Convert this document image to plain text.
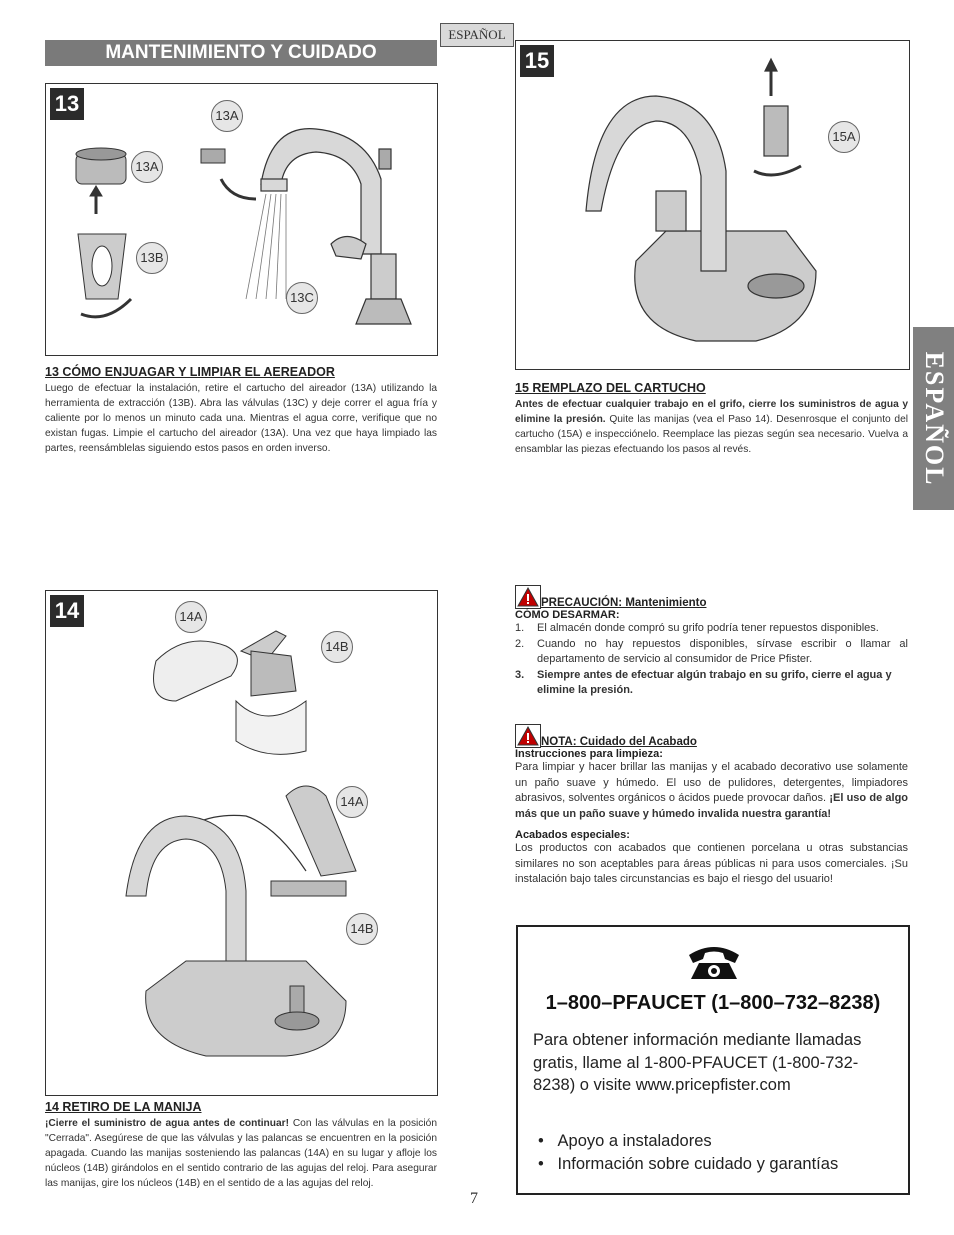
ESPAÑOL
MANTENIMIENTO Y CUIDADO
ESPAÑOL
13	13A
13A
13B
13C
13 CÓMO ENJUAGAR Y LIMPIAR EL AEREADOR
Luego de efectuar la instalación, retire el cartucho del aireador (13A) utilizando la herramienta de extracción (13B). Abra las válvulas (13C) y deje correr el agua fría y caliente por lo menos un minuto cada una. Mientras el agua corre, verifique que no existan fugas. Limpie el cartucho del aireador (13A). Una vez que haya limpiado las partes, reensámblelas siguiendo estos pasos en orden inverso.
15
15A
15 REMPLAZO DEL CARTUCHO
Antes de efectuar cualquier trabajo en el grifo, cierre los suministros de agua y elimine la presión. Quite las manijas (vea el Paso 14). Desenrosque el conjunto del cartucho (15A) e inspecciónelo. Reemplace las piezas según sea necesario. Vuelva a ensamblar las piezas efectuando los pasos al revés.
14	14A
14B
14A
14B
14 RETIRO DE LA MANIJA
¡Cierre el suministro de agua antes de continuar! Con las válvulas en la posición "Cerrada". Asegúrese de que las válvulas y las palancas se encuentren en la posición apagada. Cuando las manijas sosteniendo las palancas (14A) en su lugar y afloje los núcleos (14B) girándolos en el sentido contrario de las agujas del reloj. Para asegurar las manijas, gire los núcleos (14B) en el sentido de a las agujas del reloj.
PRECAUCIÓN: Mantenimiento
CÓMO DESARMAR:
1.	El almacén donde compró su grifo podría tener repuestos disponibles.
2.	Cuando no hay repuestos disponibles, sírvase escribir o llamar al departamento de servicio al consumidor de Price Pfister.
3.	Siempre antes de efectuar algún trabajo en su grifo, cierre el agua y elimine la presión.
NOTA: Cuidado del Acabado
Instrucciones para limpieza:
Para limpiar y hacer brillar las manijas y el acabado decorativo use solamente un paño suave y húmedo. El uso de pulidores, detergentes, limpiadores abrasivos, solventes orgánicos o ácidos puede provocar daños. ¡El uso de algo más que un paño suave y húmedo invalida nuestra garantía!
Acabados especiales:
Los productos con acabados que contienen porcelana u otras substancias similares no son aceptables para áreas públicas ni para usos comerciales. ¡Su instalación bajo tales circunstancias es bajo el riesgo del usuario!
1–800–PFAUCET (1–800–732–8238)
Para obtener información mediante llamadas gratis, llame al 1-800-PFAUCET (1-800-732-8238) o visite www.pricepfister.com
•   Apoyo a instaladores
•   Información sobre cuidado y garantías
7
